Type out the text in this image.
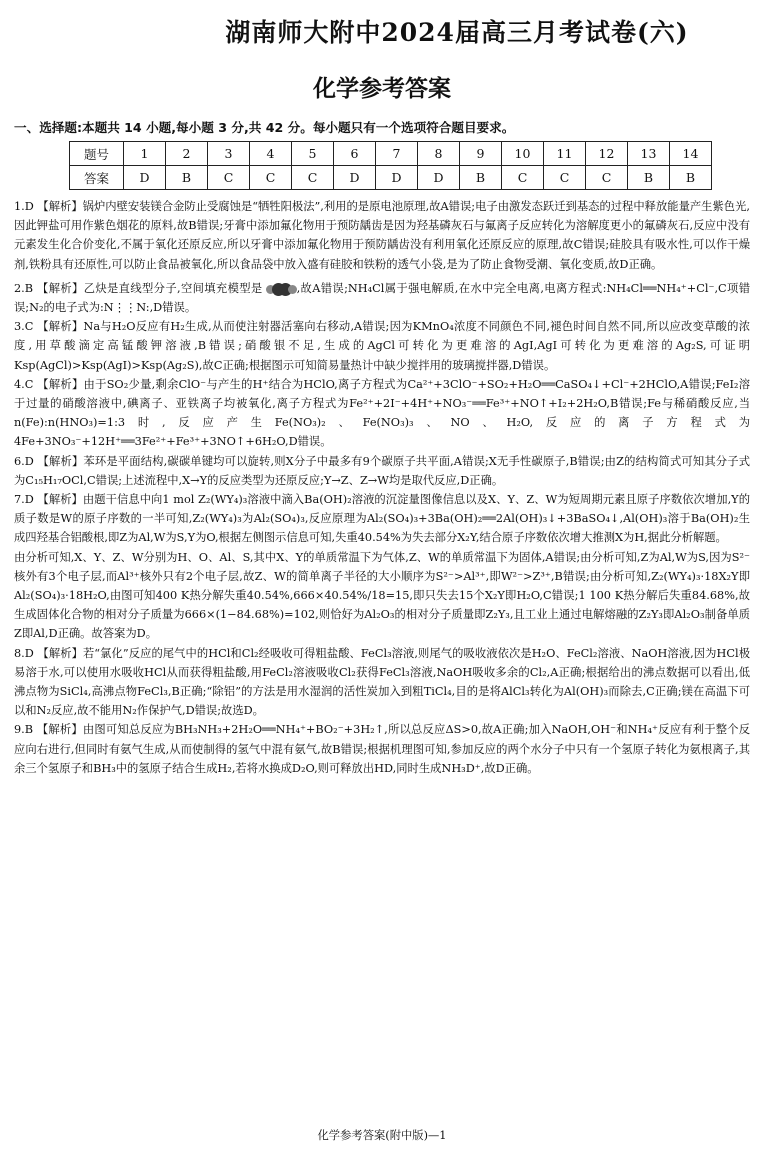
湖南师大附中2024届高三月考试卷(六)
化学参考答案
一、选择题:本题共 14 小题,每小题 3 分,共 42 分。每小题只有一个选项符合题目要求。
题号	1	2	3	4	5	6	7	8	9	10	11	12	13	14
答案	D	B	C	C	C	D	D	D	B	C	C	C	B	B
1.D 【解析】锅炉内壁安装镁合金防止受腐蚀是“牺牲阳极法”,利用的是原电池原理,故A错误;电子由激发态跃迁到基态的过程中释放能量产生紫色光,因此钾盐可用作紫色烟花的原料,故B错误;牙膏中添加氟化物用于预防龋齿是因为羟基磷灰石与氟离子反应转化为溶解度更小的氟磷灰石,反应中没有元素发生化合价变化,不属于氧化还原反应,所以牙膏中添加氟化物用于预防龋齿没有利用氧化还原反应的原理,故C错误;硅胶具有吸水性,可以作干燥剂,铁粉具有还原性,可以防止食品被氧化,所以食品袋中放入盛有硅胶和铁粉的透气小袋,是为了防止食物受潮、氧化变质,故D正确。
2.B 【解析】乙炔是直线型分子,空间填充模型是	,故A错误;NH₄Cl属于强电解质,在水中完全电离,电离方程式:NH₄Cl══NH₄⁺+Cl⁻,C项错误;N₂的电子式为:N⋮⋮N:,D错误。
3.C 【解析】Na与H₂O反应有H₂生成,从而使注射器活塞向右移动,A错误;因为KMnO₄浓度不同颜色不同,褪色时间自然不同,所以应改变草酸的浓度,用草酸滴定高锰酸钾溶液,B错误;硝酸银不足,生成的AgCl可转化为更难溶的AgI,AgI可转化为更难溶的Ag₂S,可证明Ksp(AgCl)>Ksp(AgI)>Ksp(Ag₂S),故C正确;根据图示可知简易量热计中缺少搅拌用的玻璃搅拌器,D错误。
4.C 【解析】由于SO₂少量,剩余ClO⁻与产生的H⁺结合为HClO,离子方程式为Ca²⁺+3ClO⁻+SO₂+H₂O══CaSO₄↓+Cl⁻+2HClO,A错误;FeI₂溶于过量的硝酸溶液中,碘离子、亚铁离子均被氧化,离子方程式为Fe²⁺+2I⁻+4H⁺+NO₃⁻══Fe³⁺+NO↑+I₂+2H₂O,B错误;Fe与稀硝酸反应,当n(Fe):n(HNO₃)=1:3时,反应产生Fe(NO₃)₂、Fe(NO₃)₃、NO、H₂O,反应的离子方程式为4Fe+3NO₃⁻+12H⁺══3Fe²⁺+Fe³⁺+3NO↑+6H₂O,D错误。
6.D 【解析】苯环是平面结构,碳碳单键均可以旋转,则X分子中最多有9个碳原子共平面,A错误;X无手性碳原子,B错误;由Z的结构简式可知其分子式为C₁₅H₁₇OCl,C错误;上述流程中,X→Y的反应类型为还原反应;Y→Z、Z→W均是取代反应,D正确。

7.D 【解析】由题干信息中向1 mol Z₂(WY₄)₃溶液中滴入Ba(OH)₂溶液的沉淀量图像信息以及X、Y、Z、W为短周期元素且原子序数依次增加,Y的质子数是W的原子序数的一半可知,Z₂(WY₄)₃为Al₂(SO₄)₃,反应原理为Al₂(SO₄)₃+3Ba(OH)₂══2Al(OH)₃↓+3BaSO₄↓,Al(OH)₃溶于Ba(OH)₂生成四羟基合铝酸根,即Z为Al,W为S,Y为O,根据左侧图示信息可知,失重40.54%为失去部分X₂Y,结合原子序数依次增大推测X为H,据此分析解题。

由分析可知,X、Y、Z、W分别为H、O、Al、S,其中X、Y的单质常温下为气体,Z、W的单质常温下为固体,A错误;由分析可知,Z为Al,W为S,因为S²⁻核外有3个电子层,而Al³⁺核外只有2个电子层,故Z、W的简单离子半径的大小顺序为S²⁻>Al³⁺,即W²⁻>Z³⁺,B错误;由分析可知,Z₂(WY₄)₃·18X₂Y即Al₂(SO₄)₃·18H₂O,由图可知400 K热分解失重40.54%,666×40.54%/18=15,即只失去15个X₂Y即H₂O,C错误;1 100 K热分解后失重84.68%,故生成固体化合物的相对分子质量为666×(1−84.68%)=102,则恰好为Al₂O₃的相对分子质量即Z₂Y₃,且工业上通过电解熔融的Z₂Y₃即Al₂O₃制备单质Z即Al,D正确。故答案为D。

8.D 【解析】若“氯化”反应的尾气中的HCl和Cl₂经吸收可得粗盐酸、FeCl₃溶液,则尾气的吸收液依次是H₂O、FeCl₂溶液、NaOH溶液,因为HCl极易溶于水,可以使用水吸收HCl从而获得粗盐酸,用FeCl₂溶液吸收Cl₂获得FeCl₃溶液,NaOH吸收多余的Cl₂,A正确;根据给出的沸点数据可以看出,低沸点物为SiCl₄,高沸点物FeCl₃,B正确;“除铝”的方法是用水湿润的活性炭加入到粗TiCl₄,目的是将AlCl₃转化为Al(OH)₃而除去,C正确;镁在高温下可以和N₂反应,故不能用N₂作保护气,D错误;故选D。
9.B 【解析】由图可知总反应为BH₃NH₃+2H₂O══NH₄⁺+BO₂⁻+3H₂↑,所以总反应ΔS>0,故A正确;加入NaOH,OH⁻和NH₄⁺反应有利于整个反应向右进行,但同时有氨气生成,从而使制得的氢气中混有氨气,故B错误;根据机理图可知,参加反应的两个水分子中只有一个氢原子转化为氨根离子,其余三个氢原子和BH₃中的氢原子结合生成H₂,若将水换成D₂O,则可释放出HD,同时生成NH₃D⁺,故D正确。
化学参考答案(附中版)—1
